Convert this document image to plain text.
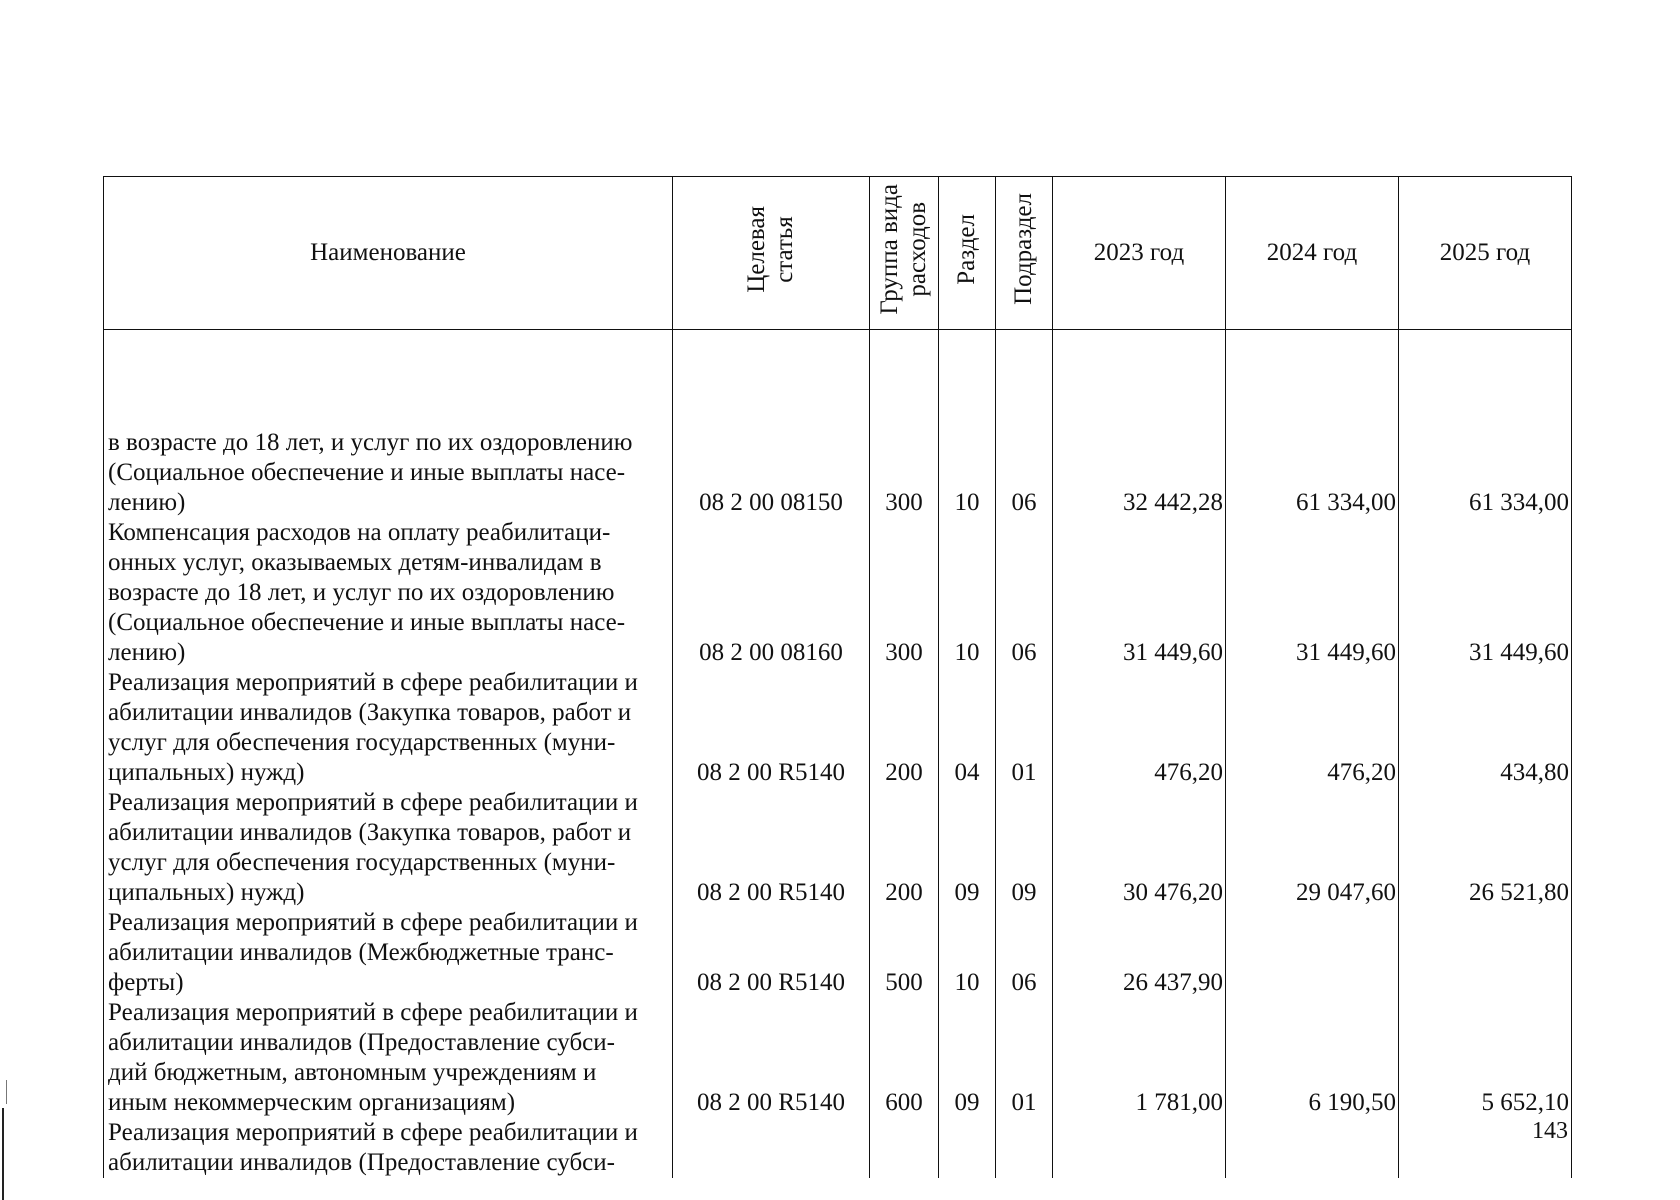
Наименование	Целевая статья	Группа вида расходов	Раздел	Подраздел	2023 год	2024 год	2025 год

в возрасте до 18 лет, и услуг по их оздоровлению
(Социальное обеспечение и иные выплаты насе-
лению)	08 2 00 08150	300	10	06	32 442,28	61 334,00	61 334,00

Компенсация расходов на оплату реабилитаци-
онных услуг, оказываемых детям-инвалидам в
возрасте до 18 лет, и услуг по их оздоровлению
(Социальное обеспечение и иные выплаты насе-
лению)	08 2 00 08160	300	10	06	31 449,60	31 449,60	31 449,60

Реализация мероприятий в сфере реабилитации и
абилитации инвалидов (Закупка товаров, работ и
услуг для обеспечения государственных (муни-
ципальных) нужд)	08 2 00 R5140	200	04	01	476,20	476,20	434,80

Реализация мероприятий в сфере реабилитации и
абилитации инвалидов (Закупка товаров, работ и
услуг для обеспечения государственных (муни-
ципальных) нужд)	08 2 00 R5140	200	09	09	30 476,20	29 047,60	26 521,80

Реализация мероприятий в сфере реабилитации и
абилитации инвалидов (Межбюджетные транс-
ферты)	08 2 00 R5140	500	10	06	26 437,90		

Реализация мероприятий в сфере реабилитации и
абилитации инвалидов (Предоставление субси-
дий бюджетным, автономным учреждениям и
иным некоммерческим организациям)	08 2 00 R5140	600	09	01	1 781,00	6 190,50	5 652,10

Реализация мероприятий в сфере реабилитации и
абилитации инвалидов (Предоставление субси-							

143
